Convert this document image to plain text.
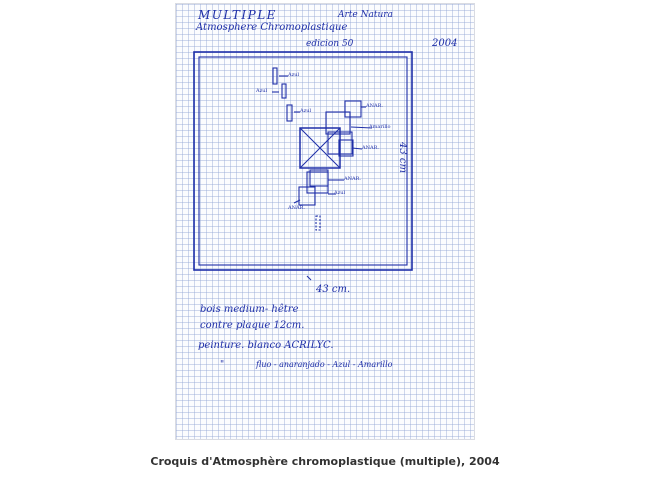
MULTIPLE	Arte Natura
Atmosphere Chromoplastique
edicion 50	2004
Azul
Azul
Azul
ANAR.
Amarillo
ANAR.
ANAR.
Azul
ANAR.
43 cm.
43 cm
bois medium- hêtre
contre plaque 12cm.
peinture. blanco ACRILYC.
"	fluo - anaranjado - Azul - Amarillo
Croquis d'Atmosphère chromoplastique (multiple), 2004
